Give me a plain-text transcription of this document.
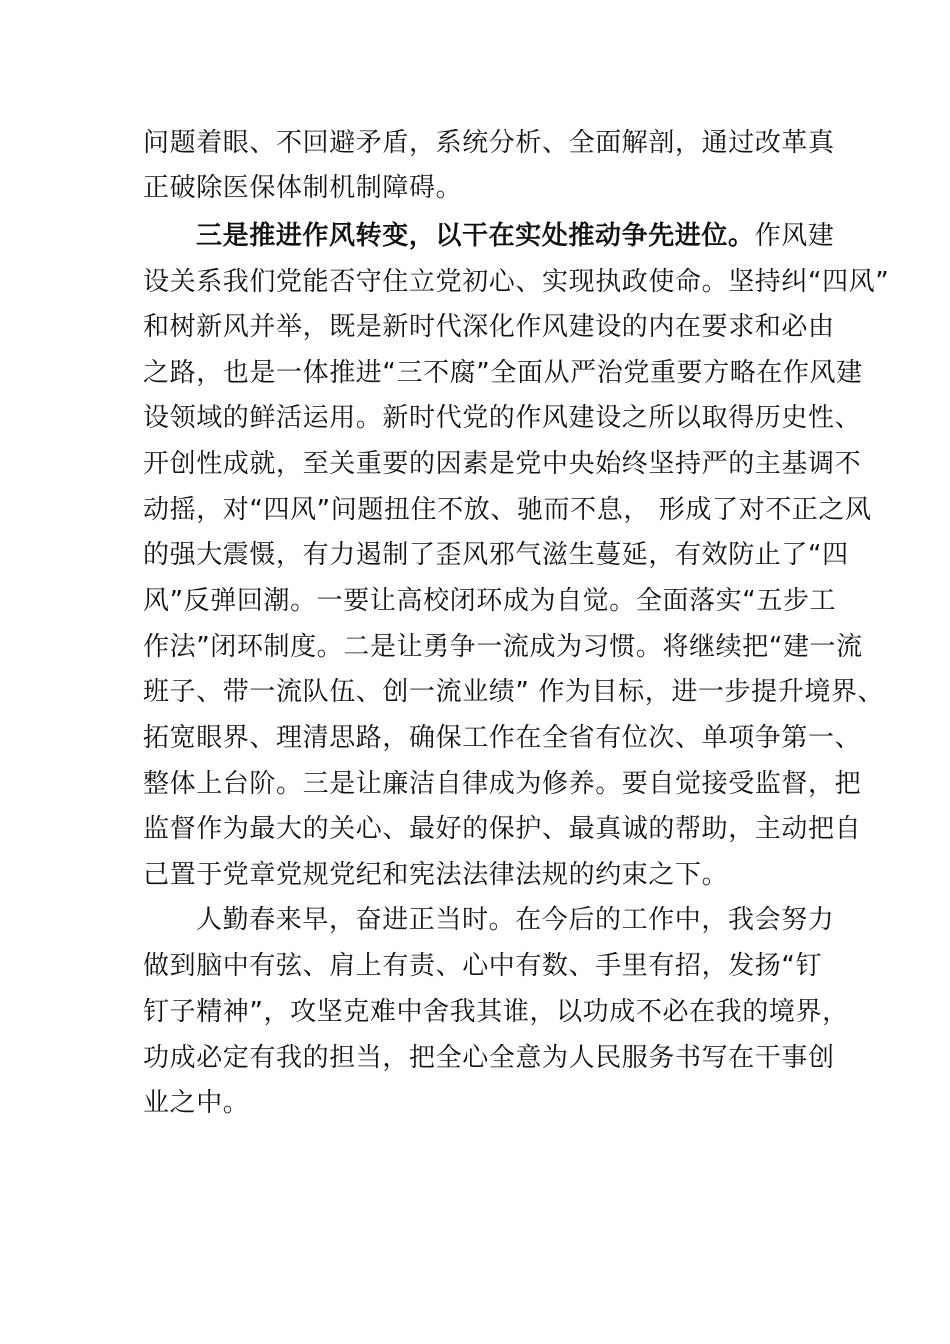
问题着眼、不回避矛盾，系统分析、全面解剖，通过改革真
正破除医保体制机制障碍。
三是推进作风转变，以干在实处推动争先进位。作风建
设关系我们党能否守住立党初心、实现执政使命。坚持纠“四风”
和树新风并举，既是新时代深化作风建设的内在要求和必由
之路，也是一体推进“三不腐”全面从严治党重要方略在作风建
设领域的鲜活运用。新时代党的作风建设之所以取得历史性、
开创性成就，至关重要的因素是党中央始终坚持严的主基调不
动摇，对“四风”问题扭住不放、驰而不息， 形成了对不正之风
的强大震慑，有力遏制了歪风邪气滋生蔓延，有效防止了“四
风”反弹回潮。一要让高校闭环成为自觉。全面落实“五步工
作法”闭环制度。二是让勇争一流成为习惯。将继续把“建一流
班子、带一流队伍、创一流业绩” 作为目标，进一步提升境界、
拓宽眼界、理清思路，确保工作在全省有位次、单项争第一、
整体上台阶。三是让廉洁自律成为修养。要自觉接受监督，把
监督作为最大的关心、最好的保护、最真诚的帮助，主动把自
己置于党章党规党纪和宪法法律法规的约束之下。
人勤春来早，奋进正当时。在今后的工作中，我会努力
做到脑中有弦、肩上有责、心中有数、手里有招，发扬“钉
钉子精神”，攻坚克难中舍我其谁，以功成不必在我的境界，
功成必定有我的担当，把全心全意为人民服务书写在干事创
业之中。
